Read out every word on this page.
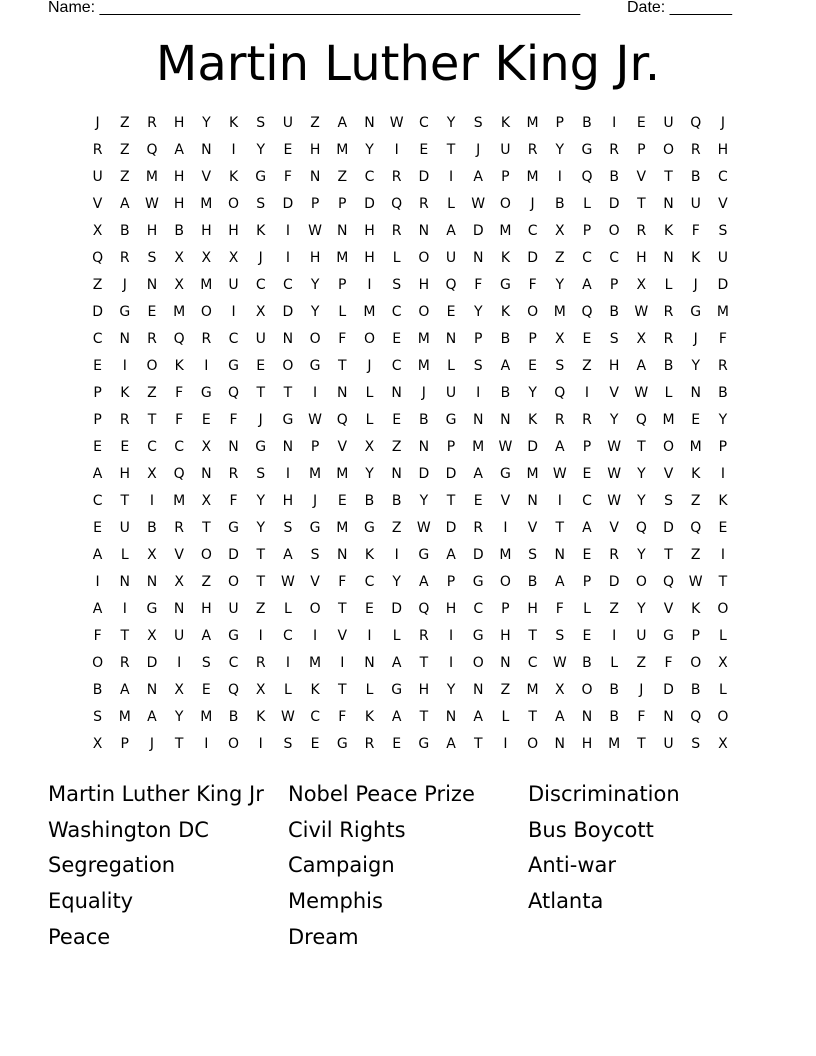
Name: ______________________________________________________	Date: _______
Martin Luther King Jr.
J Z R H Y K S U Z A N W C Y S K M P B I E U Q J
R Z Q A N I Y E H M Y I E T J U R Y G R P O R H
U Z M H V K G F N Z C R D I A P M I Q B V T B C
V A W H M O S D P P D Q R L W O J B L D T N U V
X B H B H H K I W N H R N A D M C X P O R K F S
Q R S X X X J I H M H L O U N K D Z C C H N K U
Z J N X M U C C Y P I S H Q F G F Y A P X L J D
D G E M O I X D Y L M C O E Y K O M Q B W R G M
C N R Q R C U N O F O E M N P B P X E S X R J F
E I O K I G E O G T J C M L S A E S Z H A B Y R
P K Z F G Q T T I N L N J U I B Y Q I V W L N B
P R T F E F J G W Q L E B G N N K R R Y Q M E Y
E E C C X N G N P V X Z N P M W D A P W T O M P
A H X Q N R S I M M Y N D D A G M W E W Y V K I
C T I M X F Y H J E B B Y T E V N I C W Y S Z K
E U B R T G Y S G M G Z W D R I V T A V Q D Q E
A L X V O D T A S N K I G A D M S N E R Y T Z I
I N N X Z O T W V F C Y A P G O B A P D O Q W T
A I G N H U Z L O T E D Q H C P H F L Z Y V K O
F T X U A G I C I V I L R I G H T S E I U G P L
O R D I S C R I M I N A T I O N C W B L Z F O X
B A N X E Q X L K T L G H Y N Z M X O B J D B L
S M A Y M B K W C F K A T N A L T A N B F N Q O
X P J T I O I S E G R E G A T I O N H M T U S X
Martin Luther King Jr
Washington DC
Segregation
Equality
Peace
Nobel Peace Prize
Civil Rights
Campaign
Memphis
Dream
Discrimination
Bus Boycott
Anti-war
Atlanta
